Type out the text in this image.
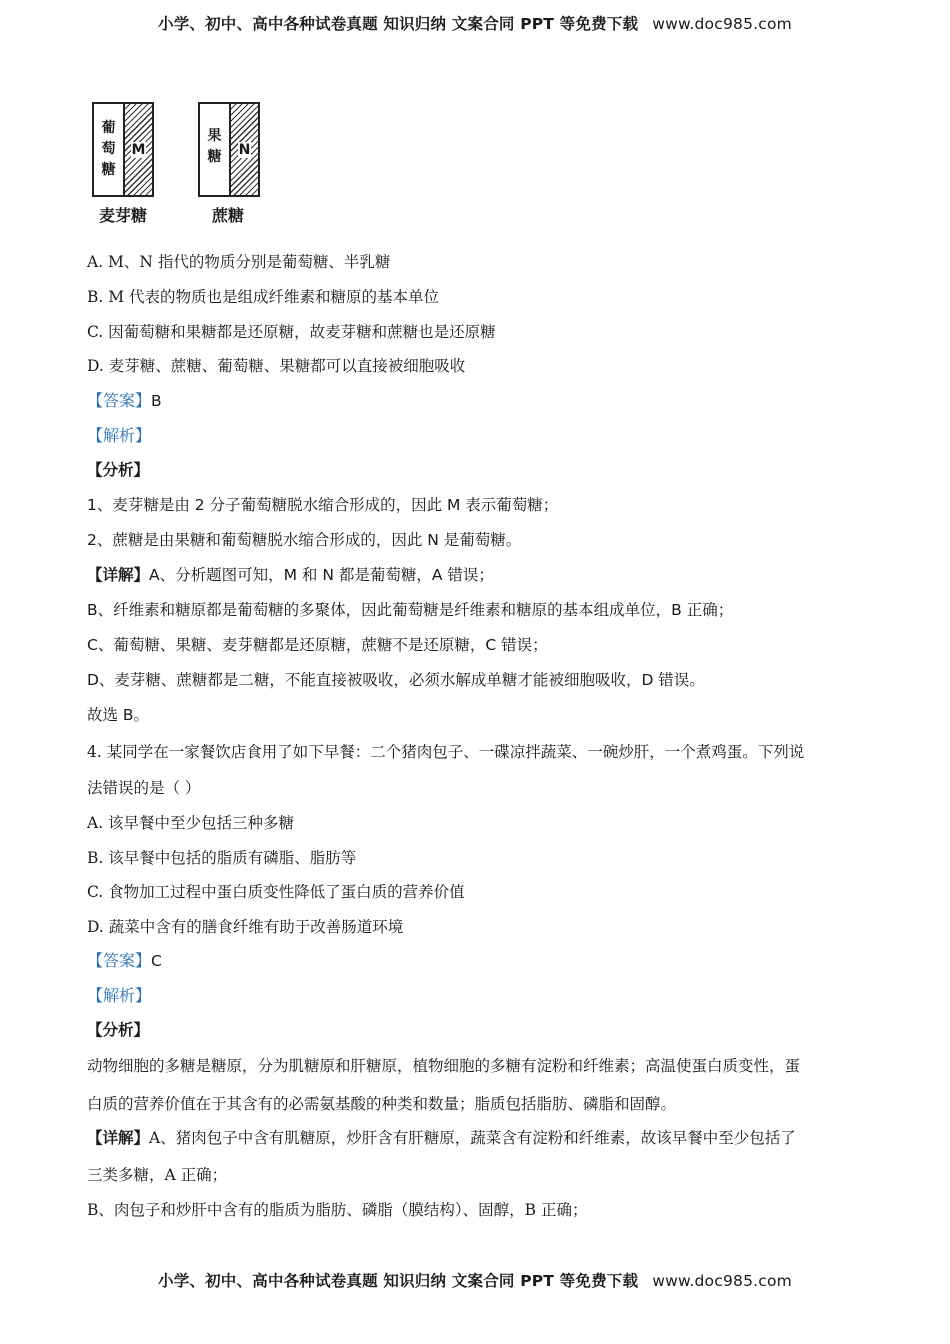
小学、初中、高中各种试卷真题 知识归纳 文案合同 PPT 等免费下载 www.doc985.com
葡
萄
糖
M
麦芽糖
果
糖 N
蔗糖
A. M、N 指代的物质分别是葡萄糖、半乳糖
B. M 代表的物质也是组成纤维素和糖原的基本单位
C. 因葡萄糖和果糖都是还原糖，故麦芽糖和蔗糖也是还原糖
D. 麦芽糖、蔗糖、葡萄糖、果糖都可以直接被细胞吸收
【答案】B
【解析】
【分析】
1、麦芽糖是由 2 分子葡萄糖脱水缩合形成的，因此 M 表示葡萄糖；
2、蔗糖是由果糖和葡萄糖脱水缩合形成的，因此 N 是葡萄糖。
【详解】A、分析题图可知，M 和 N 都是葡萄糖，A 错误；
B、纤维素和糖原都是葡萄糖的多聚体，因此葡萄糖是纤维素和糖原的基本组成单位，B 正确；
C、葡萄糖、果糖、麦芽糖都是还原糖，蔗糖不是还原糖，C 错误；
D、麦芽糖、蔗糖都是二糖，不能直接被吸收，必须水解成单糖才能被细胞吸收，D 错误。
故选 B。
4. 某同学在一家餐饮店食用了如下早餐：二个猪肉包子、一碟凉拌蔬菜、一碗炒肝，一个煮鸡蛋。下列说
法错误的是（ ）
A. 该早餐中至少包括三种多糖
B. 该早餐中包括的脂质有磷脂、脂肪等
C. 食物加工过程中蛋白质变性降低了蛋白质的营养价值
D. 蔬菜中含有的膳食纤维有助于改善肠道环境
【答案】C
【解析】
【分析】
动物细胞的多糖是糖原，分为肌糖原和肝糖原，植物细胞的多糖有淀粉和纤维素；高温使蛋白质变性，蛋
白质的营养价值在于其含有的必需氨基酸的种类和数量；脂质包括脂肪、磷脂和固醇。
【详解】A、猪肉包子中含有肌糖原，炒肝含有肝糖原，蔬菜含有淀粉和纤维素，故该早餐中至少包括了
三类多糖，A 正确；
B、肉包子和炒肝中含有的脂质为脂肪、磷脂（膜结构）、固醇，B 正确；
小学、初中、高中各种试卷真题 知识归纳 文案合同 PPT 等免费下载 www.doc985.com
